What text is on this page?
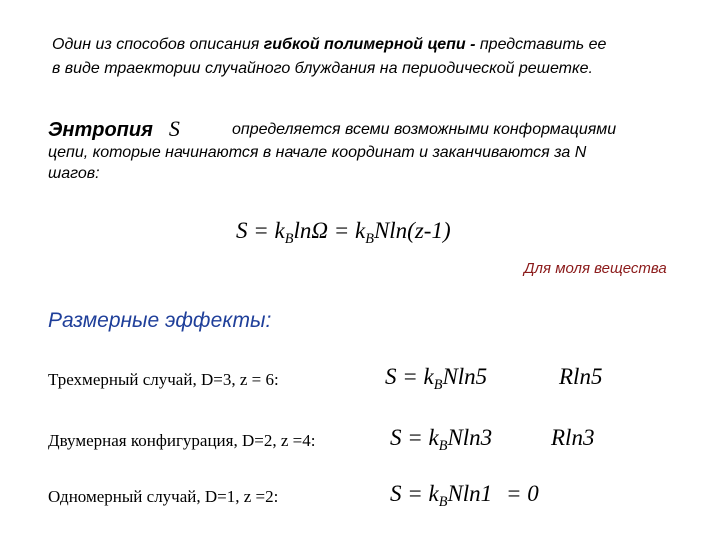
Один из способов описания гибкой полимерной цепи - представить ее
в виде траектории случайного блуждания на периодической решетке.
Энтропия S	определяется всеми возможными конформациями
цепи, которые начинаются в начале координат и заканчиваются за N
шагов:
$S = k_B\ln\Omega = k_BNln(z-1)$
Для моля вещества
Размерные эффекты:
Трехмерный случай, D=3, z = 6:	$S = k_BNln5$	Rln5
Двумерная конфигурация, D=2, z =4:	$S = k_BNln3$	Rln3
Одномерный случай, D=1, z =2:	$S = k_BNln1 = 0$
